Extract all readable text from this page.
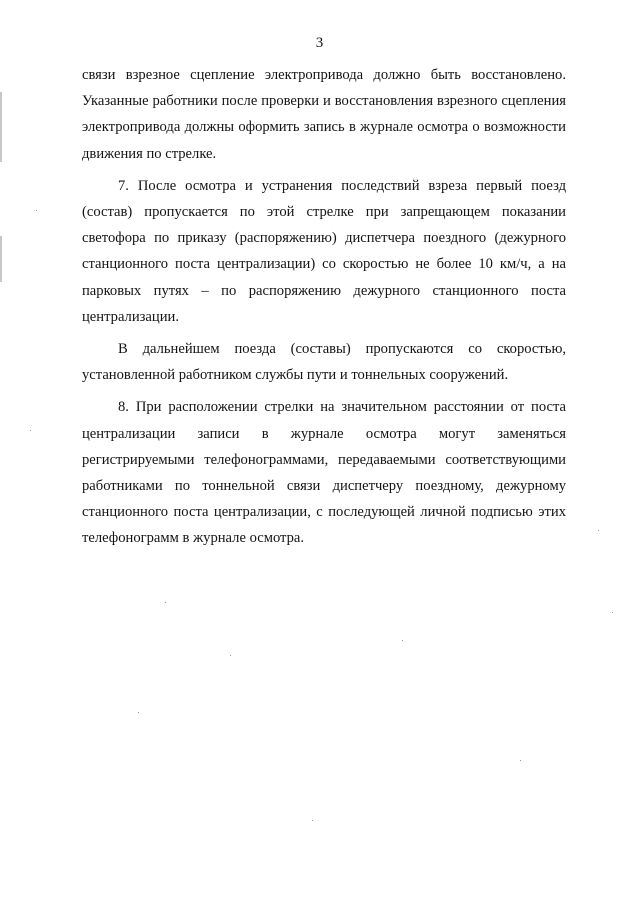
3

связи взрезное сцепление электропривода должно быть восстановлено. Указанные работники после проверки и восстановления взрезного сцепления электропривода должны оформить запись в журнале осмотра о возможности движения по стрелке.

7. После осмотра и устранения последствий взреза первый поезд (состав) пропускается по этой стрелке при запрещающем показании светофора по приказу (распоряжению) диспетчера поездного (дежурного станционного поста централизации) со скоростью не более 10 км/ч, а на парковых путях – по распоряжению дежурного станционного поста централизации.

В дальнейшем поезда (составы) пропускаются со скоростью, установленной работником службы пути и тоннельных сооружений.

8. При расположении стрелки на значительном расстоянии от поста централизации записи в журнале осмотра могут заменяться регистрируемыми телефонограммами, передаваемыми соответствующими работниками по тоннельной связи диспетчеру поездному, дежурному станционного поста централизации, с последующей личной подписью этих телефонограмм в журнале осмотра.
